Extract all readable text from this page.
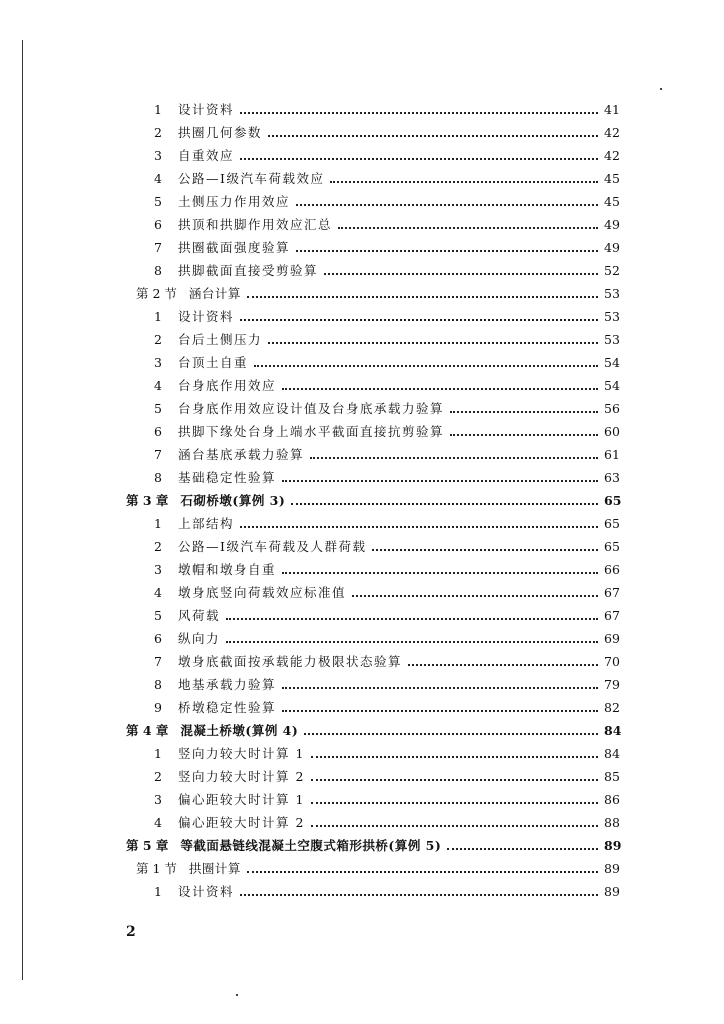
1 设计资料	41
2 拱圈几何参数	42
3 自重效应	42
4 公路—I级汽车荷载效应	45
5 土侧压力作用效应	45
6 拱顶和拱脚作用效应汇总	49
7 拱圈截面强度验算	49
8 拱脚截面直接受剪验算	52
第 2 节 涵台计算	53
1 设计资料	53
2 台后土侧压力	53
3 台顶土自重	54
4 台身底作用效应	54
5 台身底作用效应设计值及台身底承载力验算	56
6 拱脚下缘处台身上端水平截面直接抗剪验算	60
7 涵台基底承载力验算	61
8 基础稳定性验算	63
第 3 章 石砌桥墩(算例 3)	65
1 上部结构	65
2 公路—I级汽车荷载及人群荷载	65
3 墩帽和墩身自重	66
4 墩身底竖向荷载效应标准值	67
5 风荷载	67
6 纵向力	69
7 墩身底截面按承载能力极限状态验算	70
8 地基承载力验算	79
9 桥墩稳定性验算	82
第 4 章 混凝土桥墩(算例 4)	84
1 竖向力较大时计算 1	84
2 竖向力较大时计算 2	85
3 偏心距较大时计算 1	86
4 偏心距较大时计算 2	88
第 5 章 等截面悬链线混凝土空腹式箱形拱桥(算例 5)	89
第 1 节 拱圈计算	89
1 设计资料	89
2
